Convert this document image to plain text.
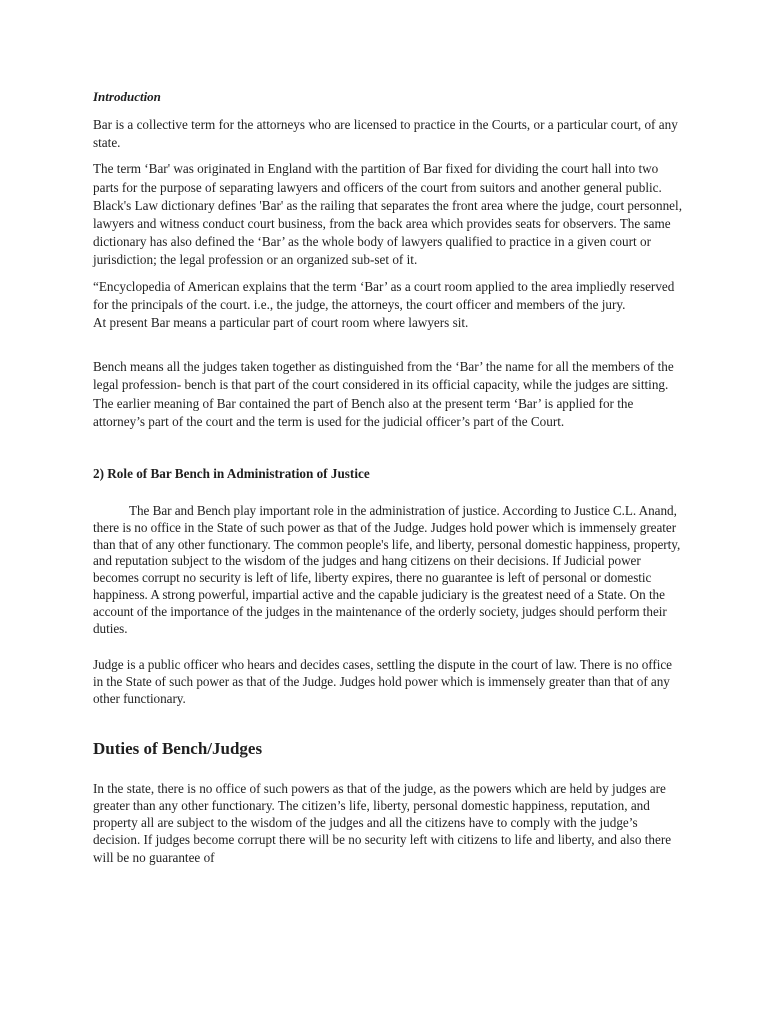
Introduction

Bar is a collective term for the attorneys who are licensed to practice in the Courts, or a particular court, of any state.

The term ‘Bar' was originated in England with the partition of Bar fixed for dividing the court hall into two parts for the purpose of separating lawyers and officers of the court from suitors and another general public. Black's Law dictionary defines 'Bar' as the railing that separates the front area where the judge, court personnel, lawyers and witness conduct court business, from the back area which provides seats for observers. The same dictionary has also defined the ‘Bar’ as the whole body of lawyers qualified to practice in a given court or jurisdiction; the legal profession or an organized sub-set of it.

“Encyclopedia of American explains that the term ‘Bar’ as a court room applied to the area impliedly reserved for the principals of the court. i.e., the judge, the attorneys, the court officer and members of the jury.

At present Bar means a particular part of court room where lawyers sit.

Bench means all the judges taken together as distinguished from the ‘Bar’ the name for all the members of the legal profession- bench is that part of the court considered in its official capacity, while the judges are sitting. The earlier meaning of Bar contained the part of Bench also at the present term ‘Bar’ is applied for the attorney’s part of the court and the term is used for the judicial officer’s part of the Court.

2) Role of Bar Bench in Administration of Justice

The Bar and Bench play important role in the administration of justice. According to Justice C.L. Anand, there is no office in the State of such power as that of the Judge. Judges hold power which is immensely greater than that of any other functionary. The common people's life, and liberty, personal domestic happiness, property, and reputation subject to the wisdom of the judges and hang citizens on their decisions. If Judicial power becomes corrupt no security is left of life, liberty expires, there no guarantee is left of personal or domestic happiness. A strong powerful, impartial active and the capable judiciary is the greatest need of a State. On the account of the importance of the judges in the maintenance of the orderly society, judges should perform their duties.

Judge is a public officer who hears and decides cases, settling the dispute in the court of law. There is no office in the State of such power as that of the Judge. Judges hold power which is immensely greater than that of any other functionary.

Duties of Bench/Judges

In the state, there is no office of such powers as that of the judge, as the powers which are held by judges are greater than any other functionary. The citizen’s life, liberty, personal domestic happiness, reputation, and property all are subject to the wisdom of the judges and all the citizens have to comply with the judge’s decision. If judges become corrupt there will be no security left with citizens to life and liberty, and also there will be no guarantee of
